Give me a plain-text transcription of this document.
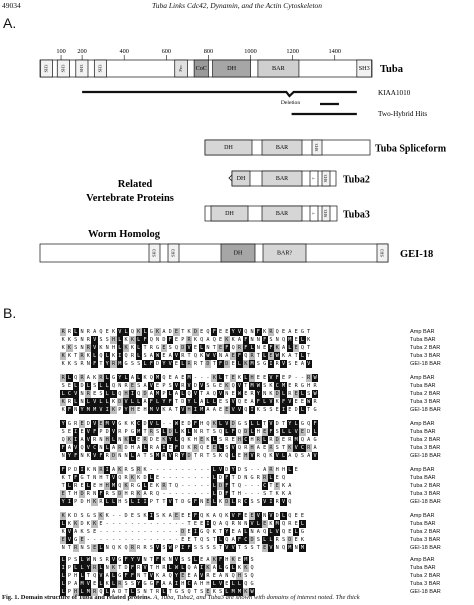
49034	Tuba Links Cdc42, Dynamin, and the Actin Cytoskeleton
A.
B.
100 200	400	600	800	1000	1200	1400
SH3	SH3	SH3	SH3	Pro CoC	DH	BAR	SH3 Tuba
KIAA1010
Deletion
Two-Hybrid Hits
DH	BAR	SH3	Tuba Spliceform
Related
Vertebrate Proteins
DH	BAR	? SH3 Tuba2
DH	BAR	? SH3 Tuba3
Worm Homolog
SH3	SH3	DH	BAR?	SH3 GEI-18
R R L N R A Q E K V L Q K L G K A D E T K D E Q F E E Y V Q N F K R Q E A E G T	Amp BAR
K K S N R V S S H L K K L F Q N D F E P R K Q A Q E K K A F N N F S N Q M E L K	Tuba BAR
K K S N R V K N H L K K L T R G E S Q D V E L N T E F Q R F L N E F K A L E Q T	Tuba 2 BAR
K K T R K L Q L K I Q R L S A W E A V R T Q K W V N A E F Q R T L E W K A T L T	Tuba 3 BAR
K K S R N F T Y R M G S S L F D Y V E L R R T D T F D E L K M S G I R V S E A V	GEI-18 BAR
R L Q R A K R L G Y L A L K Q M Q E A E M - - - K L T E K L H E E V F E P - - R W	Amp BAR
S E L D L S L L Q N R E S A V E P S V R V D V S G E K Q V T M W S K C M E R G H R	Tuba BAR
L C V N R E S L L Q H I Q D A M P L A L Q V T A Q V N E W E R Y N K D L R E L S W	Tuba 2 BAR
K R L N L V L L K D V L L A F L Y F T D Y L A L L E S V Q E A F L V K F V E E W R	Tuba 3 BAR
K F N Y M M V I K P Y H E H M V K A T V H I M A A E E V V Q I K S S E I E D L T G	GEI-18 BAR
Y G R E D V E M V G K K C D V L - - W E D F H Q K L V D G S L L T V D T Y L G Q F	Amp BAR
S E I E V F P D V R P G M T R S L D L K L N R T S Q L F Q D L H E F S L L V E D L	Tuba BAR
Q K I A V R N H L N K L E R D E K Y L Q K H E K L S R E H C H R L R D E R M Q A G	Tuba 2 BAR
F A V Q V C N L A R D H A L R A I E F D K R Q E E L S V Q R H A E R S T K V C R A	Tuba 3 BAR
N Y F N K V F R D N N L A T S M R V R Y D T R T S K Q L E H V R Q K V L A Q S A V	GEI-18 BAR
F P D I K N R I A K R S R K - - - - - - - - - - L V D Y D S - - A R H H L E	Amp BAR
K T F G T N H T V Q R K K D L E - - - - - - - - L D F T D N G R R L E Q	Tuba BAR
T L R E L E H H M Q K R G L E K R T Q - - - - - L D F T Q - - - C T E K A	Tuba 2 BAR
E T H D R N F R S D H R K A R Q - - - - - - - - L D F T H - - - S T K K A	Tuba 3 BAR
Y I P D H K R L L H S L I I P T T V T D G F N E L K D L R C S S V I R V Q	GEI-18 BAR
K K D S G S K K - - D E S K I S K A E E E F Q K A Q K V F E E V N V D L Q E E	Amp BAR
L K K D K K E - - - - - - - - - - - - - T E E I Q A Q R N N V L E K M Q R E L	Tuba BAR
K V A K S E - - - - - - - - - - - - - D E I G Q K T Y E A L N A Q L V Q E L G	Tuba 2 BAR
E V G E - - - - - - - - - - - - - - - E E T Q S T L Q A F C D S L L R S D E K	Tuba 3 BAR
N T R N S E L N Q K Q R R R S V S W P I F S S S S T V V T S S T E V N Q M N M	GEI-18 BAR
L P S L W N S R V G F Y V N T F K N V S S L E A K F H K E M S	Amp BAR
I P L L Y R L N K T D F R V T H R L W L Q A I K A L G L K K Q	Tuba BAR
L P H L T Q V A L G F F N T V K A Q Y E E A V R E A N Q H S Q	Tuba 2 BAR
L P A M V E L K L R S S Y G G F A A I H C A H H L V E L L Q G	Tuba 3 BAR
L P H L M R Q L A D T L S N T R L T G S Q T S E K S L M M K W	GEI-18 BAR
Fig. 1. Domain structure of Tuba and related proteins. A, Tuba, Tuba2, and Tuba3 are shown with domains of interest noted. The thick
